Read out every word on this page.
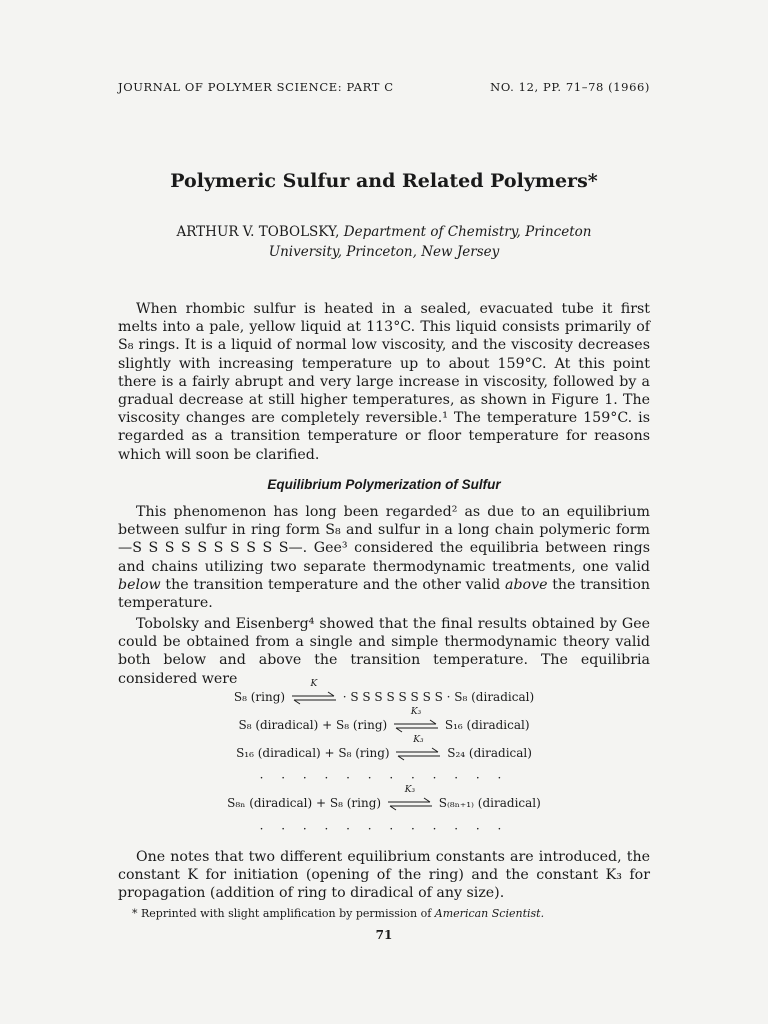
JOURNAL OF POLYMER SCIENCE: PART C	NO. 12, PP. 71–78 (1966)
Polymeric Sulfur and Related Polymers*
ARTHUR V. TOBOLSKY, Department of Chemistry, Princeton
University, Princeton, New Jersey
When rhombic sulfur is heated in a sealed, evacuated tube it first melts into a pale, yellow liquid at 113°C. This liquid consists primarily of S₈ rings. It is a liquid of normal low viscosity, and the viscosity decreases slightly with increasing temperature up to about 159°C. At this point there is a fairly abrupt and very large increase in viscosity, followed by a gradual decrease at still higher temperatures, as shown in Figure 1. The viscosity changes are completely reversible.¹ The temperature 159°C. is regarded as a transition temperature or floor temperature for reasons which will soon be clarified.
Equilibrium Polymerization of Sulfur
This phenomenon has long been regarded² as due to an equilibrium between sulfur in ring form S₈ and sulfur in a long chain polymeric form —S S S S S S S S S S—. Gee³ considered the equilibria between rings and chains utilizing two separate thermodynamic treatments, one valid below the transition temperature and the other valid above the transition temperature.
Tobolsky and Eisenberg⁴ showed that the final results obtained by Gee could be obtained from a single and simple thermodynamic theory valid both below and above the transition temperature. The equilibria considered were
S₈ (ring)
K
· S S S S S S S S · S₈ (diradical)
S₈ (diradical) + S₈ (ring)
K₃
S₁₆ (diradical)
S₁₆ (diradical) + S₈ (ring)
K₃
S₂₄ (diradical)
· · · · · · · · · · · ·
S₈ₙ (diradical) + S₈ (ring)
K₃
S₍₈ₙ₊₁₎ (diradical)
· · · · · · · · · · · ·
One notes that two different equilibrium constants are introduced, the constant K for initiation (opening of the ring) and the constant K₃ for propagation (addition of ring to diradical of any size).
* Reprinted with slight amplification by permission of American Scientist.
71
